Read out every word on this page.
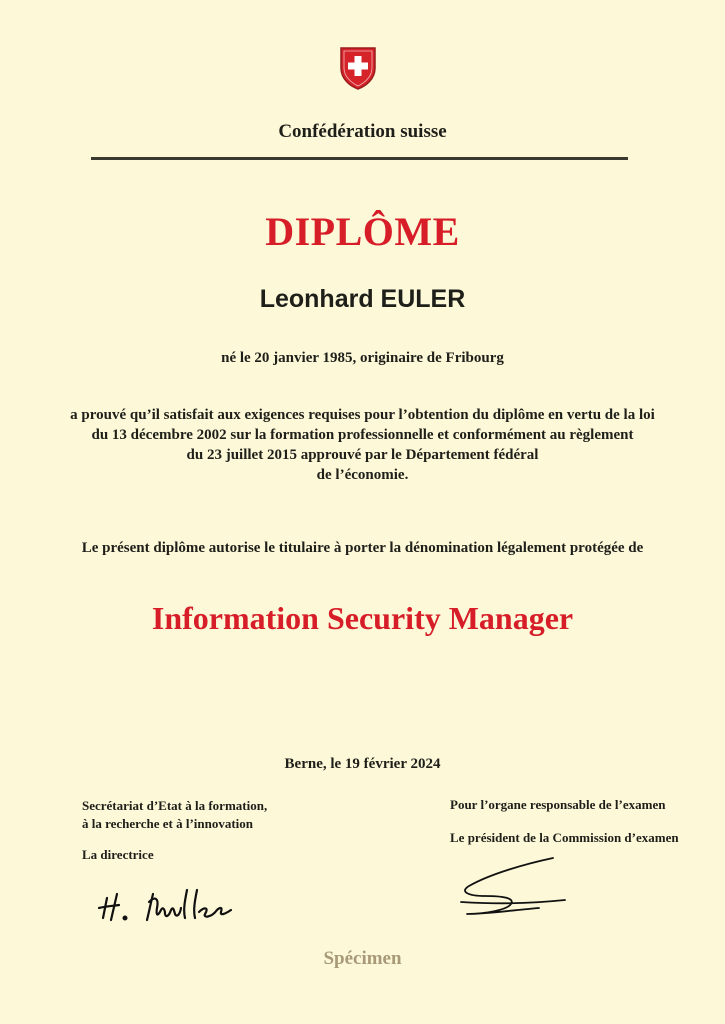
Confédération suisse
DIPLÔME
Leonhard EULER
né le 20 janvier 1985, originaire de Fribourg
a prouvé qu’il satisfait aux exigences requises pour l’obtention du diplôme en vertu de la loi
du 13 décembre 2002 sur la formation professionnelle et conformément au règlement
du 23 juillet 2015 approuvé par le Département fédéral
de l’économie.
Le présent diplôme autorise le titulaire à porter la dénomination légalement protégée de
Information Security Manager
Berne, le 19 février 2024
Secrétariat d’Etat à la formation,
à la recherche et à l’innovation
La directrice
Pour l’organe responsable de l’examen
Le président de la Commission d’examen
Spécimen
